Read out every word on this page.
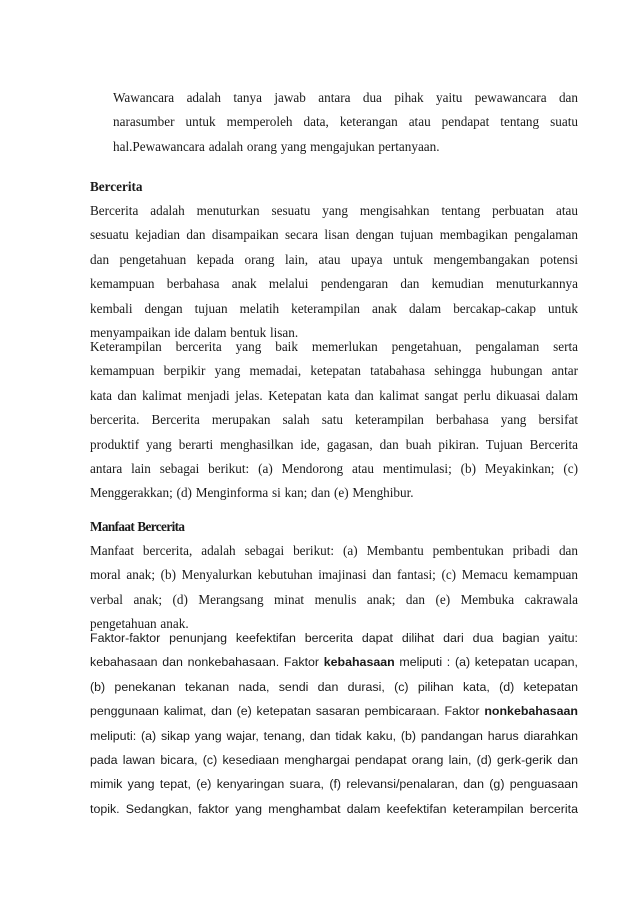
Wawancara adalah tanya jawab antara dua pihak yaitu pewawancara dan
narasumber untuk memperoleh data, keterangan atau pendapat tentang suatu
hal.Pewawancara adalah orang yang mengajukan pertanyaan.
Bercerita
Bercerita adalah menuturkan sesuatu yang mengisahkan tentang perbuatan atau
sesuatu kejadian dan disampaikan secara lisan dengan tujuan membagikan pengalaman
dan pengetahuan kepada orang lain, atau upaya untuk mengembangakan potensi
kemampuan berbahasa anak melalui pendengaran dan kemudian menuturkannya
kembali dengan tujuan melatih keterampilan anak dalam bercakap-cakap untuk
menyampaikan ide dalam bentuk lisan.
Keterampilan bercerita yang baik memerlukan pengetahuan, pengalaman serta
kemampuan berpikir yang memadai, ketepatan tatabahasa sehingga hubungan antar
kata dan kalimat menjadi jelas. Ketepatan kata dan kalimat sangat perlu dikuasai dalam
bercerita. Bercerita merupakan salah satu keterampilan berbahasa yang bersifat
produktif yang berarti menghasilkan ide, gagasan, dan buah pikiran. Tujuan Bercerita
antara lain sebagai berikut: (a) Mendorong atau mentimulasi; (b) Meyakinkan; (c)
Menggerakkan; (d) Menginforma si kan; dan (e) Menghibur.
Manfaat Bercerita
Manfaat bercerita, adalah sebagai berikut: (a) Membantu pembentukan pribadi dan
moral anak; (b) Menyalurkan kebutuhan imajinasi dan fantasi; (c) Memacu kemampuan
verbal anak; (d) Merangsang minat menulis anak; dan (e) Membuka cakrawala
pengetahuan anak.
Faktor-faktor penunjang keefektifan bercerita dapat dilihat dari dua bagian yaitu:
kebahasaan dan nonkebahasaan. Faktor kebahasaan meliputi : (a) ketepatan ucapan,
(b) penekanan tekanan nada, sendi dan durasi, (c) pilihan kata, (d) ketepatan
penggunaan kalimat, dan (e) ketepatan sasaran pembicaraan. Faktor nonkebahasaan
meliputi: (a) sikap yang wajar, tenang, dan tidak kaku, (b) pandangan harus diarahkan
pada lawan bicara, (c) kesediaan menghargai pendapat orang lain, (d) gerk-gerik dan
mimik yang tepat, (e) kenyaringan suara, (f) relevansi/penalaran, dan (g) penguasaan
topik. Sedangkan, faktor yang menghambat dalam keefektifan keterampilan bercerita
